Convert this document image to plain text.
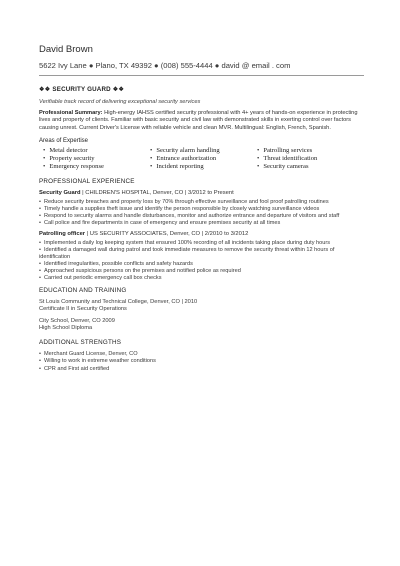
David Brown
5622 Ivy Lane ● Plano, TX 49392 ● (008) 555-4444 ● david @ email . com
❖❖ SECURITY GUARD ❖❖
Verifiable track record of delivering exceptional security services
Professional Summary: High-energy IAHSS certified security professional with 4+ years of hands-on experience in protecting lives and property of clients. Familiar with basic security and civil law with demonstrated skills in exerting control over factors causing unrest. Current Driver's License with reliable vehicle and clean MVR. Multilingual: English, French, Spanish.
Areas of Expertise
• Metal detector	• Security alarm handling	• Patrolling services
• Property security	• Entrance authorization	• Threat identification
• Emergency response	• Incident reporting	• Security cameras
PROFESSIONAL EXPERIENCE
Security Guard | CHILDREN'S HOSPITAL, Denver, CO | 3/2012 to Present
• Reduce security breaches and property loss by 70% through effective surveillance and fool proof patrolling routines
• Timely handle a supplies theft issue and identify the person responsible by closely watching surveillance videos
• Respond to security alarms and handle disturbances, monitor and authorize entrance and departure of visitors and staff
• Call police and fire departments in case of emergency and ensure premises security at all times
Patrolling officer | US SECURITY ASSOCIATES, Denver, CO | 2/2010 to 3/2012
• Implemented a daily log keeping system that ensured 100% recording of all incidents taking place during duty hours
• Identified a damaged wall during patrol and took immediate measures to remove the security threat within 12 hours of identification
• Identified irregularities, possible conflicts and safety hazards
• Approached suspicious persons on the premises and notified police as required
• Carried out periodic emergency call box checks
EDUCATION AND TRAINING
St Louis Community and Technical College, Denver, CO | 2010
Certificate II in Security Operations
City School, Denver, CO 2009
High School Diploma
ADDITIONAL STRENGTHS
• Merchant Guard License, Denver, CO
• Willing to work in extreme weather conditions
• CPR and First aid certified
